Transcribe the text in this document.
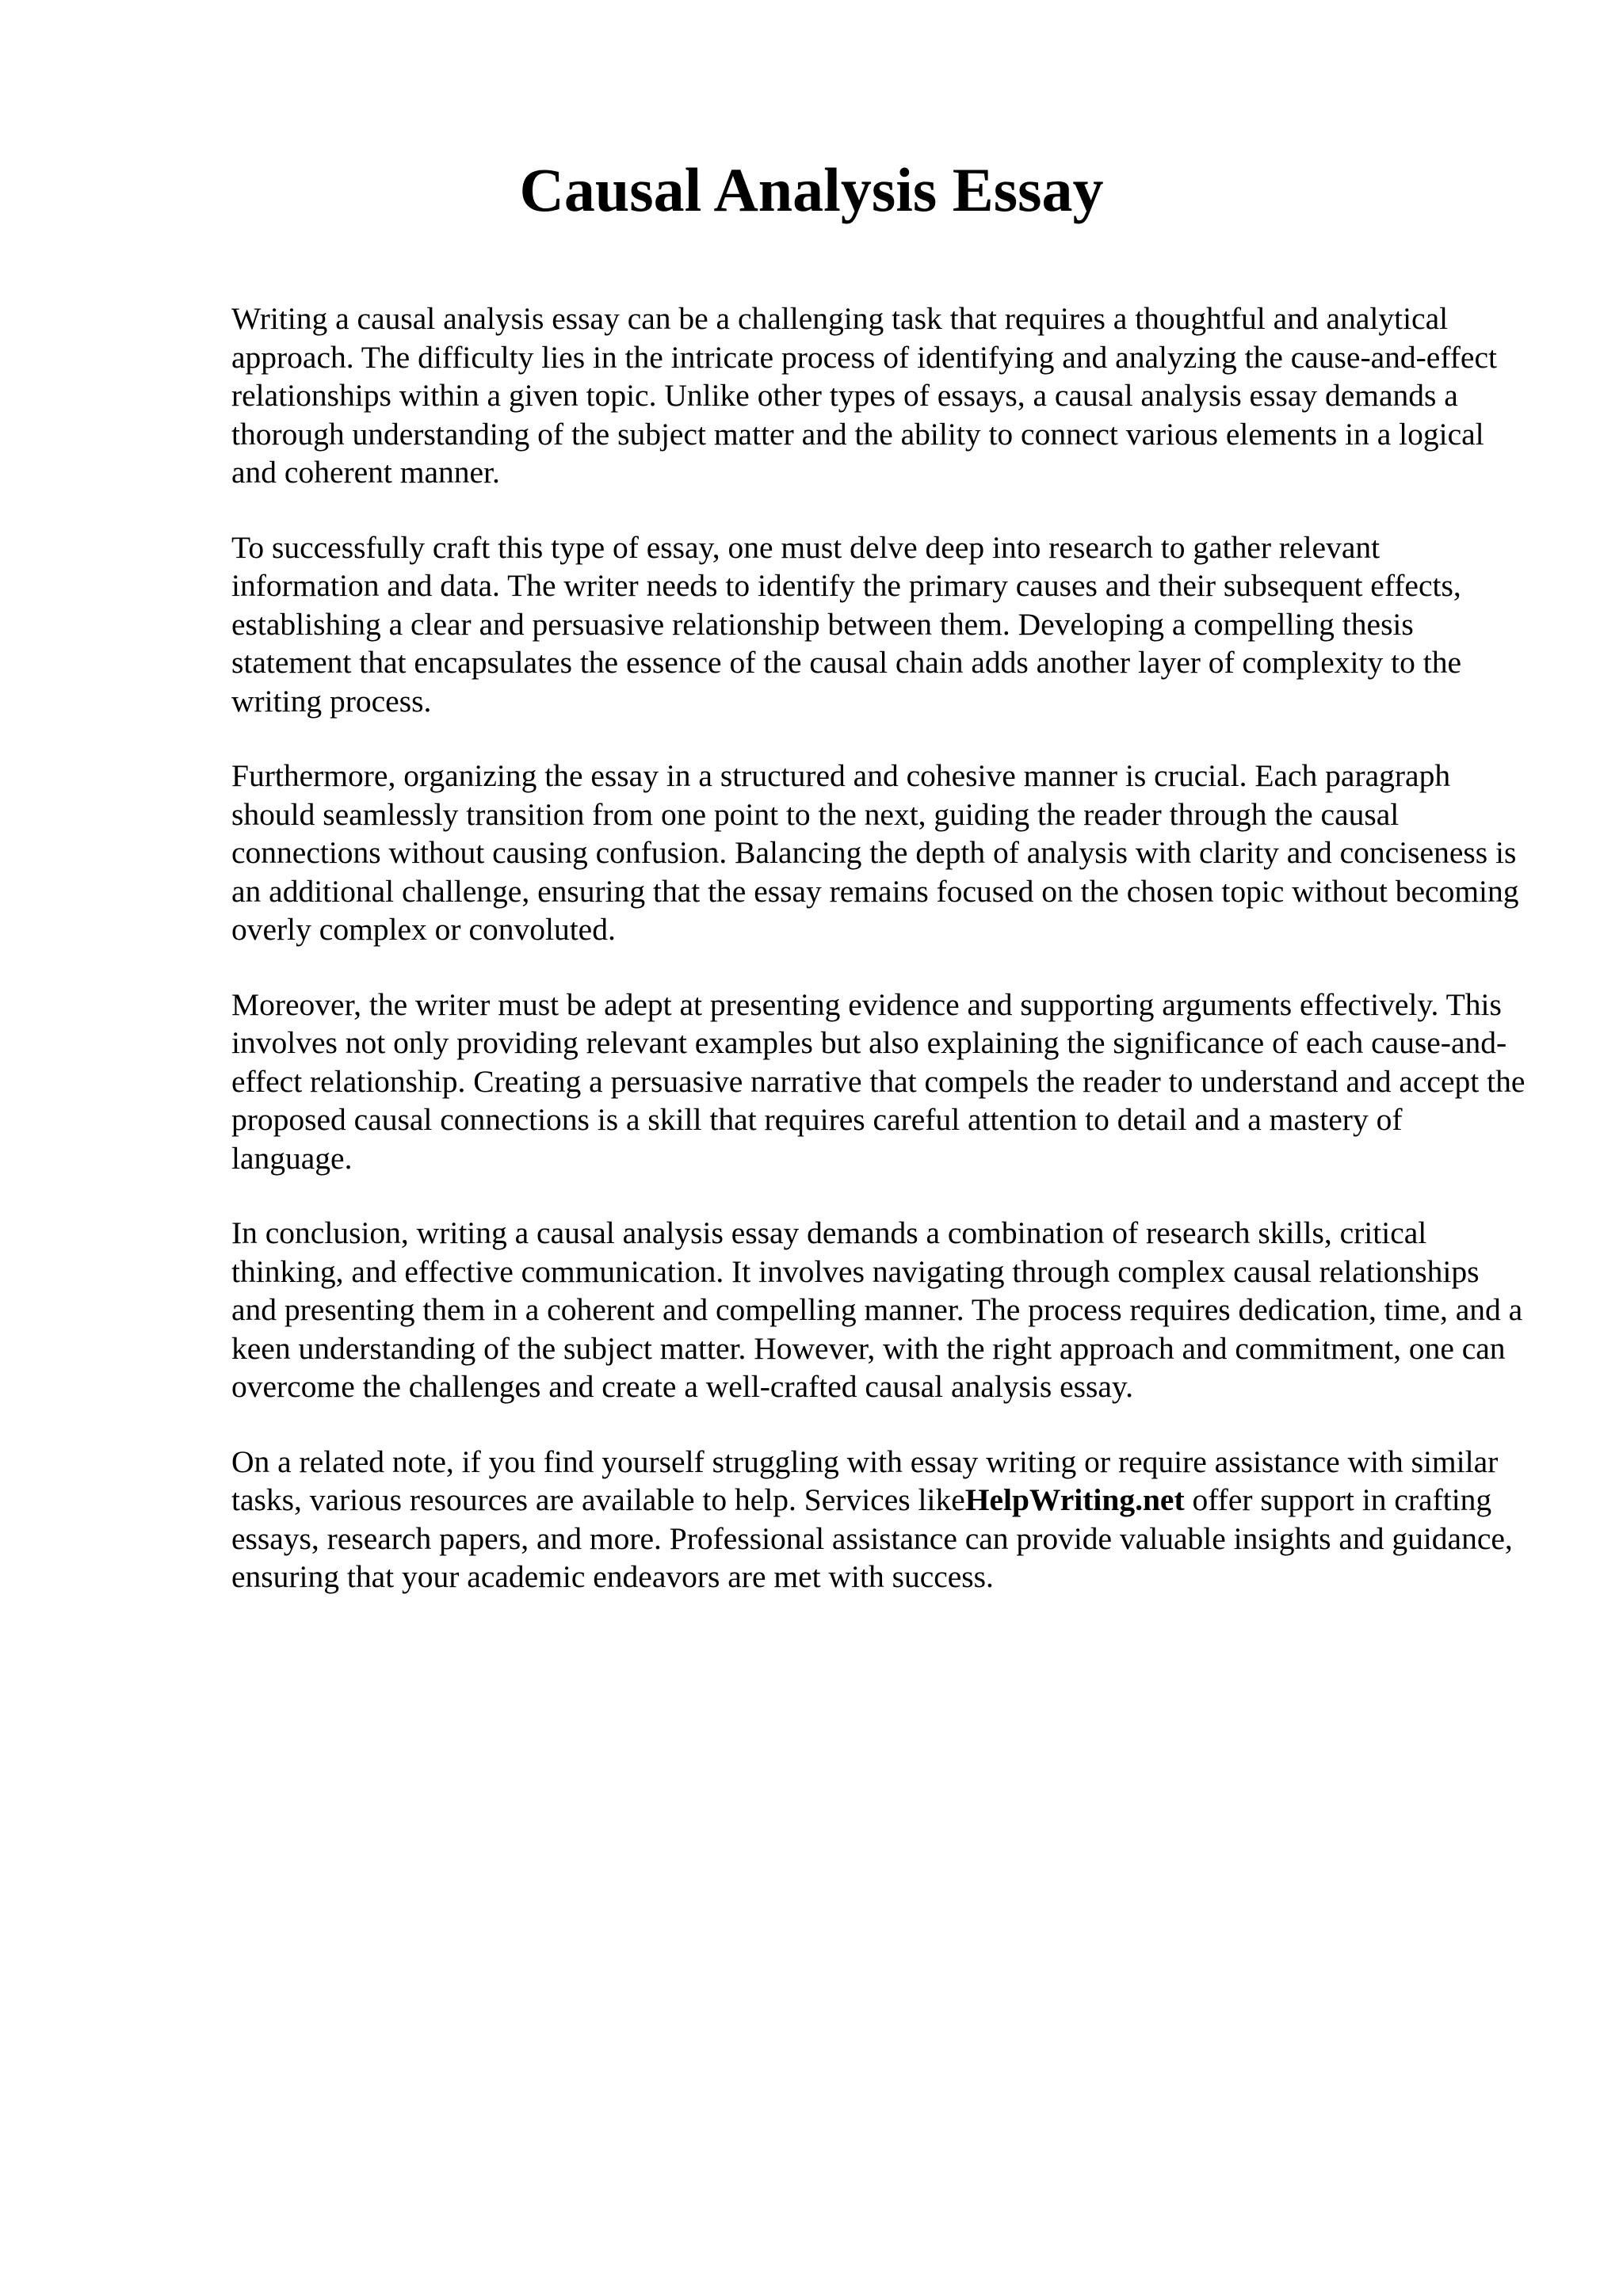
Causal Analysis Essay

Writing a causal analysis essay can be a challenging task that requires a thoughtful and analytical approach. The difficulty lies in the intricate process of identifying and analyzing the cause-and-effect relationships within a given topic. Unlike other types of essays, a causal analysis essay demands a thorough understanding of the subject matter and the ability to connect various elements in a logical and coherent manner.

To successfully craft this type of essay, one must delve deep into research to gather relevant information and data. The writer needs to identify the primary causes and their subsequent effects, establishing a clear and persuasive relationship between them. Developing a compelling thesis statement that encapsulates the essence of the causal chain adds another layer of complexity to the writing process.

Furthermore, organizing the essay in a structured and cohesive manner is crucial. Each paragraph should seamlessly transition from one point to the next, guiding the reader through the causal connections without causing confusion. Balancing the depth of analysis with clarity and conciseness is an additional challenge, ensuring that the essay remains focused on the chosen topic without becoming overly complex or convoluted.

Moreover, the writer must be adept at presenting evidence and supporting arguments effectively. This involves not only providing relevant examples but also explaining the significance of each cause-and-effect relationship. Creating a persuasive narrative that compels the reader to understand and accept the proposed causal connections is a skill that requires careful attention to detail and a mastery of language.

In conclusion, writing a causal analysis essay demands a combination of research skills, critical thinking, and effective communication. It involves navigating through complex causal relationships and presenting them in a coherent and compelling manner. The process requires dedication, time, and a keen understanding of the subject matter. However, with the right approach and commitment, one can overcome the challenges and create a well-crafted causal analysis essay.

On a related note, if you find yourself struggling with essay writing or require assistance with similar tasks, various resources are available to help. Services likeHelpWriting.net offer support in crafting essays, research papers, and more. Professional assistance can provide valuable insights and guidance, ensuring that your academic endeavors are met with success.
